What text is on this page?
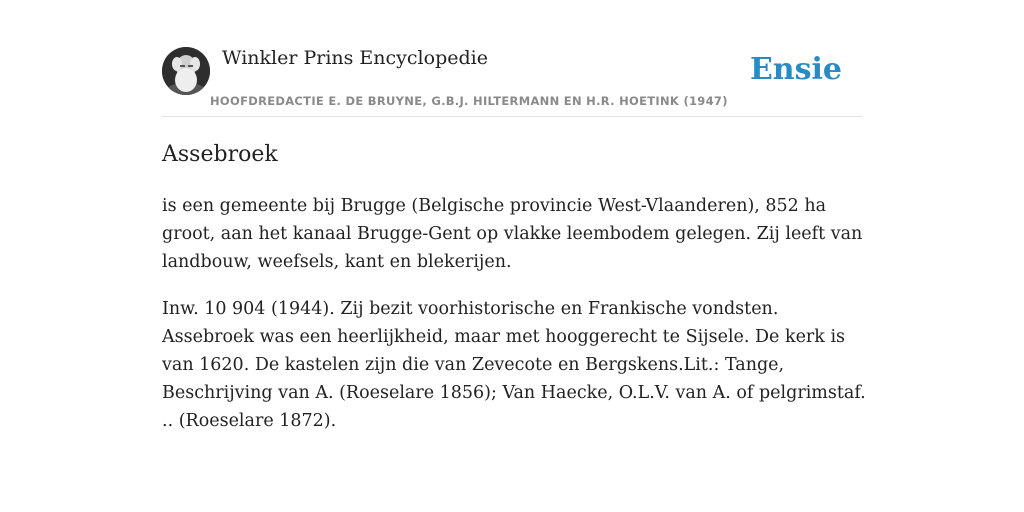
Winkler Prins Encyclopedie
HOOFDREDACTIE E. DE BRUYNE, G.B.J. HILTERMANN EN H.R. HOETINK (1947)
Ensie
Assebroek

is een gemeente bij Brugge (Belgische provincie West-Vlaanderen), 852 ha groot, aan het kanaal Brugge-Gent op vlakke leembodem gelegen. Zij leeft van landbouw, weefsels, kant en blekerijen.

Inw. 10 904 (1944). Zij bezit voorhistorische en Frankische vondsten. Assebroek was een heerlijkheid, maar met hooggerecht te Sijsele. De kerk is van 1620. De kastelen zijn die van Zevecote en Bergskens.Lit.: Tange, Beschrijving van A. (Roeselare 1856); Van Haecke, O.L.V. van A. of pelgrimstaf. .. (Roeselare 1872).
